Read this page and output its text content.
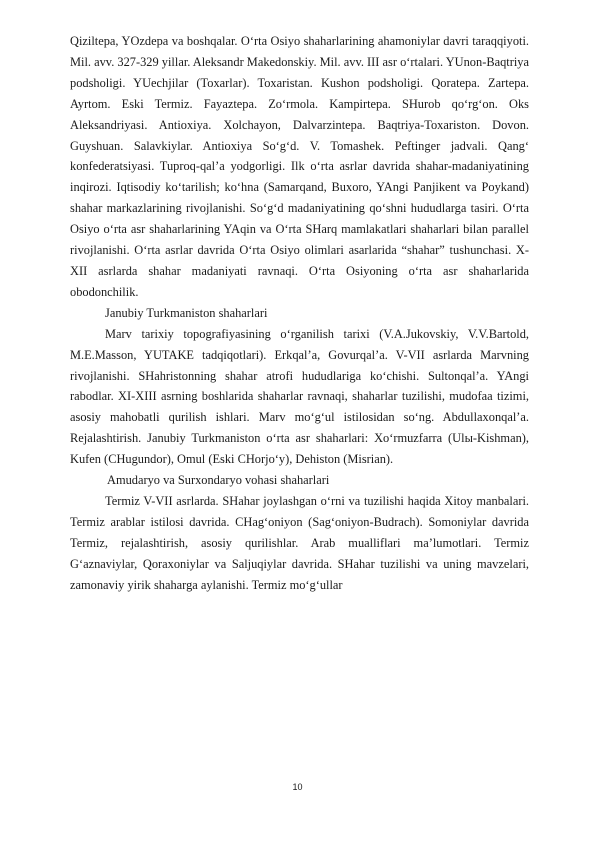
Qiziltepa, YOzdepa va boshqalar. O‘rta Osiyo shaharlarining ahamoniylar davri taraqqiyoti. Mil. avv. 327-329 yillar. Aleksandr Makedonskiy. Mil. avv. III asr o‘rtalari. YUnon-Baqtriya podsholigi. YUechjilar (Toxarlar). Toxaristan. Kushon podsholigi. Qoratepa. Zartepa. Ayrtom. Eski Termiz. Fayaztepa. Zo‘rmola. Kampirtepa. SHurob qo‘rg‘on. Oks Aleksandriyasi. Antioxiya. Xolchayon, Dalvarzintepa. Baqtriya-Toxariston. Dovon. Guyshuan. Salavkiylar. Antioxiya So‘g‘d. V. Tomashek. Peftinger jadvali. Qang‘ konfederatsiyasi. Tuproq-qal’a yodgorligi. Ilk o‘rta asrlar davrida shahar-madaniyatining inqirozi. Iqtisodiy ko‘tarilish; ko‘hna (Samarqand, Buxoro, YAngi Panjikent va Poykand) shahar markazlarining rivojlanishi. So‘g‘d madaniyatining qo‘shni hududlarga tasiri. O‘rta Osiyo o‘rta asr shaharlarining YAqin va O‘rta SHarq mamlakatlari shaharlari bilan parallel rivojlanishi. O‘rta asrlar davrida O‘rta Osiyo olimlari asarlarida “shahar” tushunchasi. X-XII asrlarda shahar madaniyati ravnaqi. O‘rta Osiyoning o‘rta asr shaharlarida obodonchilik.

Janubiy Turkmaniston shaharlari

Marv tarixiy topografiyasining o‘rganilish tarixi (V.A.Jukovskiy, V.V.Bartold, M.E.Masson, YUTAKE tadqiqotlari). Erkqal’a, Govurqal’a. V-VII asrlarda Marvning rivojlanishi. SHahristonning shahar atrofi hududlariga ko‘chishi. Sultonqal’a. YAngi rabodlar. XI-XIII asrning boshlarida shaharlar ravnaqi, shaharlar tuzilishi, mudofaa tizimi, asosiy mahobatli qurilish ishlari. Marv mo‘g‘ul istilosidan so‘ng. Abdullaxonqal’a. Rejalashtirish. Janubiy Turkmaniston o‘rta asr shaharlari: Xo‘rmuzfarra (Ulы-Kishman), Kufen (CHugundor), Omul (Eski CHorjo‘y), Dehiston (Misrian).

Amudaryo va Surxondaryo vohasi shaharlari

Termiz V-VII asrlarda. SHahar joylashgan o‘rni va tuzilishi haqida Xitoy manbalari. Termiz arablar istilosi davrida. CHag‘oniyon (Sag‘oniyon-Budrach). Somoniylar davrida Termiz, rejalashtirish, asosiy qurilishlar. Arab mualliflari ma’lumotlari. Termiz G‘aznaviylar, Qoraxoniylar va Saljuqiylar davrida. SHahar tuzilishi va uning mavzelari, zamonaviy yirik shaharga aylanishi. Termiz mo‘g‘ullar

10
